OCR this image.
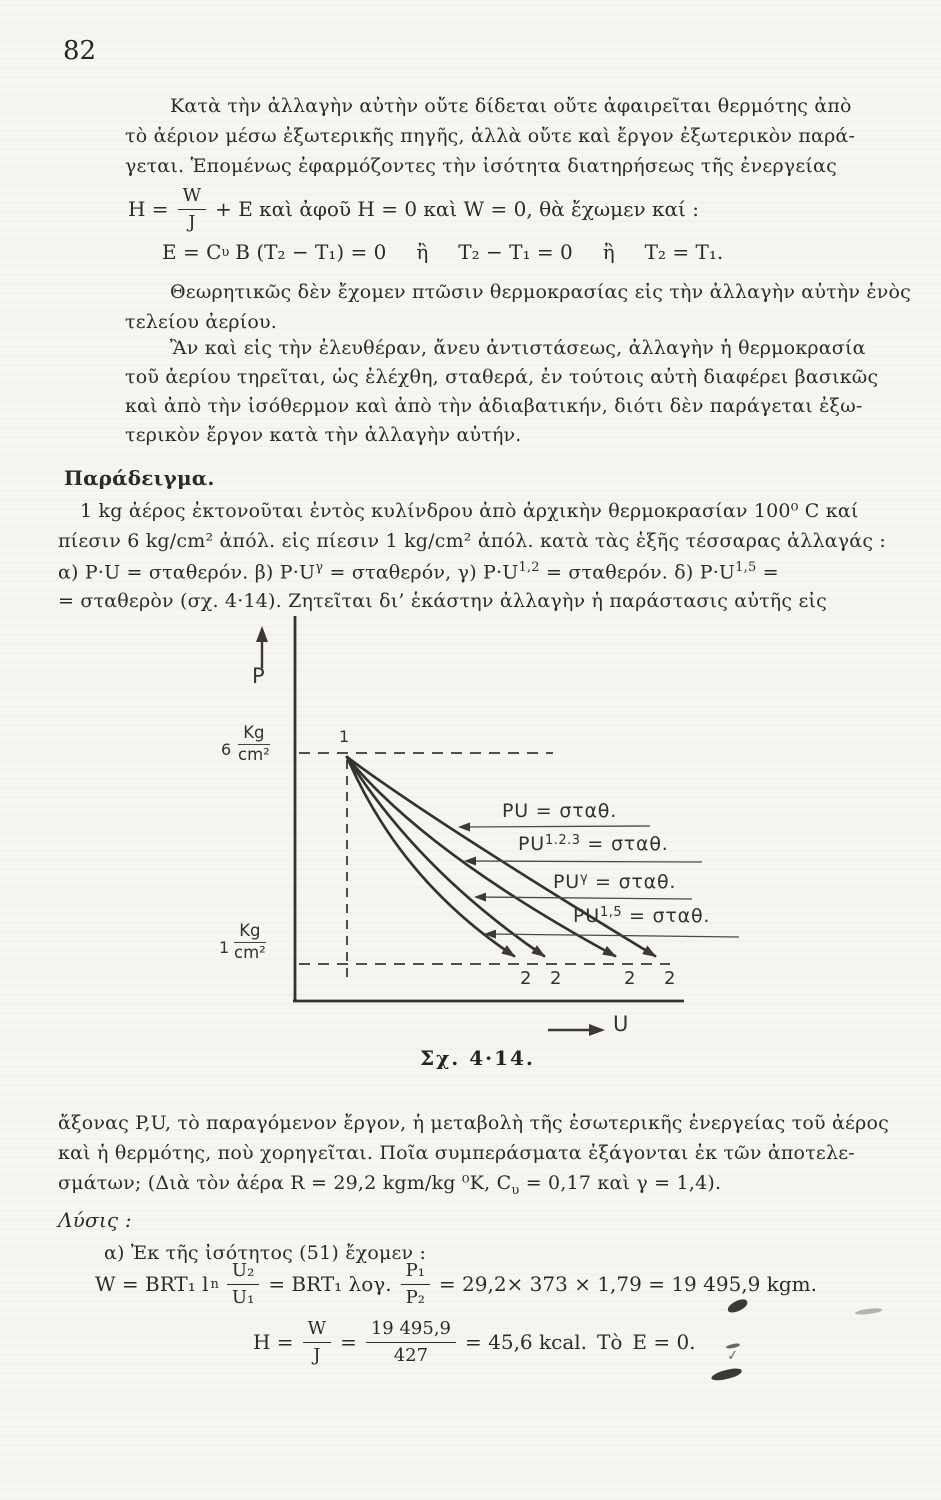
82
Κατὰ τὴν ἀλλαγὴν αὐτὴν οὔτε δίδεται οὔτε ἀφαιρεῖται θερμότης ἀπὸ
τὸ ἀέριον μέσω ἐξωτερικῆς πηγῆς, ἀλλὰ οὔτε καὶ ἔργον ἐξωτερικὸν παρά-
γεται. Ἑπομένως ἐφαρμόζοντες τὴν ἰσότητα διατηρήσεως τῆς ἐνεργείας
$H = \frac{W}{J} + E$ καὶ ἀφοῦ H = 0 καὶ W = 0, θὰ ἔχωμεν καί :
E = C υ B (T₂ − T₁) = 0  ἢ  T₂ − T₁ = 0  ἢ  T₂ = T₁.
Θεωρητικῶς δὲν ἔχομεν πτῶσιν θερμοκρασίας εἰς τὴν ἀλλαγὴν αὐτὴν ἑνὸς
τελείου ἀερίου.
Ἂν καὶ εἰς τὴν ἐλευθέραν, ἄνευ ἀντιστάσεως, ἀλλαγὴν ἡ θερμοκρασία
τοῦ ἀερίου τηρεῖται, ὡς ἐλέχθη, σταθερά, ἐν τούτοις αὐτὴ διαφέρει βασικῶς
καὶ ἀπὸ τὴν ἰσόθερμον καὶ ἀπὸ τὴν ἀδιαβατικήν, διότι δὲν παράγεται ἐξω-
τερικὸν ἔργον κατὰ τὴν ἀλλαγὴν αὐτήν.
Παράδειγμα.
1 kg ἀέρος ἐκτονοῦται ἐντὸς κυλίνδρου ἀπὸ ἀρχικὴν θερμοκρασίαν 100⁰ C καί
πίεσιν 6 kg/cm² ἀπόλ. εἰς πίεσιν 1 kg/cm² ἀπόλ. κατὰ τὰς ἑξῆς τέσσαρας ἀλλαγάς :
α) P·U = σταθερόν. β) $P\cdot U^\gamma = \sigma\tau\alpha\theta\varepsilon\rho ό\nu$, γ) $P\cdot U^{1,2} = \sigma\tau\alpha\theta\varepsilon\rho ό\nu$. δ) $P\cdot U^{1,5}$ =
= σταθερὸν (σχ. 4·14). Ζητεῖται δι’ ἑκάστην ἀλλαγὴν ἡ παράστασις αὐτῆς εἰς
P
U
$6 \frac{Kg}{\text{cm²}}$
$1 \frac{Kg}{\text{cm²}}$
1
PU = σταθ.
$PU^{1.2.3} = \sigma\tau\alpha\theta$.
$PU^\gamma = \sigma\tau\alpha\theta$.
PU$^{1,5}$ = σταθ.
2 2	2 2
Σχ. 4·14.
ἄξονας P,U, τὸ παραγόμενον ἔργον, ἡ μεταβολὴ τῆς ἐσωτερικῆς ἐνεργείας τοῦ ἀέρος
καὶ ἡ θερμότης, ποὺ χορηγεῖται. Ποῖα συμπεράσματα ἐξάγονται ἐκ τῶν ἀποτελε-
σμάτων; (Διὰ τὸν ἀέρα R = 29,2 kgm/kg ⁰K, $C_\upsilon = 0,17$ καὶ γ = 1,4).
Λύσις :
α) Ἐκ τῆς ἰσότητος (51) ἔχομεν :
W = BRT₁ l n $\frac{\text{U₂}}{\text{U₁}} = BRT_1$ λογ. $\frac{\text{P₁}}{\text{P₂}} = 29,2\times 373 \times 1,79 = 19$ 495,9 kgm.
$H = \frac{W}{J} = \frac{19 495,9}{427} = 45,6$ kcal. Τὸ E = 0.
✓
